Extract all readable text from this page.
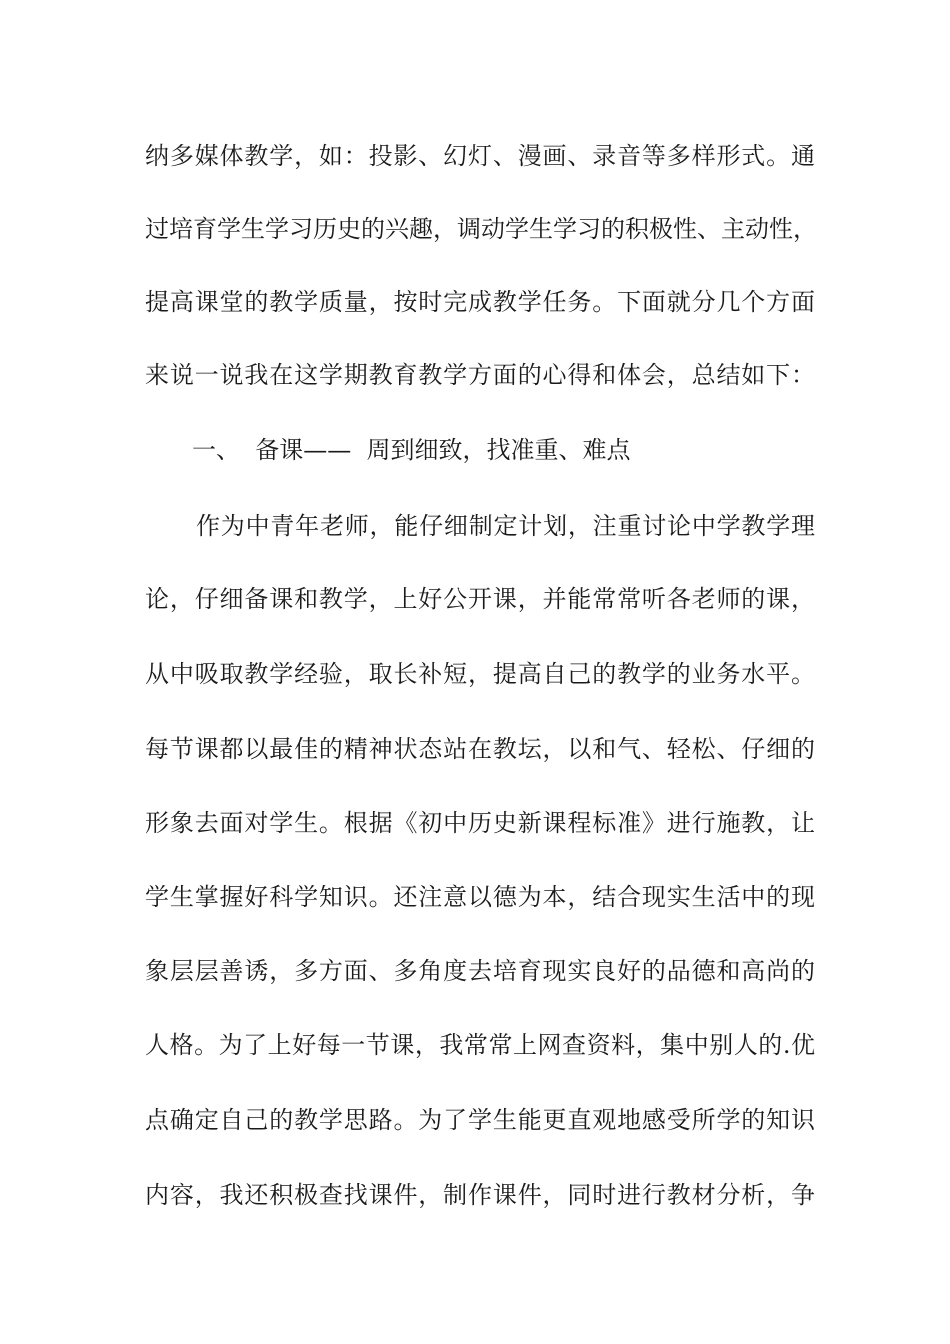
纳多媒体教学，如：投影、幻灯、漫画、录音等多样形式。通
过培育学生学习历史的兴趣，调动学生学习的积极性、主动性，
提高课堂的教学质量，按时完成教学任务。下面就分几个方面
来说一说我在这学期教育教学方面的心得和体会，总结如下：
一、  备课——  周到细致，找准重、难点
作为中青年老师，能仔细制定计划，注重讨论中学教学理
论，仔细备课和教学，上好公开课，并能常常听各老师的课，
从中吸取教学经验，取长补短，提高自己的教学的业务水平。
每节课都以最佳的精神状态站在教坛，以和气、轻松、仔细的
形象去面对学生。根据《初中历史新课程标准》进行施教，让
学生掌握好科学知识。还注意以德为本，结合现实生活中的现
象层层善诱，多方面、多角度去培育现实良好的品德和高尚的
人格。为了上好每一节课，我常常上网查资料，集中别人的.优
点确定自己的教学思路。为了学生能更直观地感受所学的知识
内容，我还积极查找课件，制作课件，同时进行教材分析，争
